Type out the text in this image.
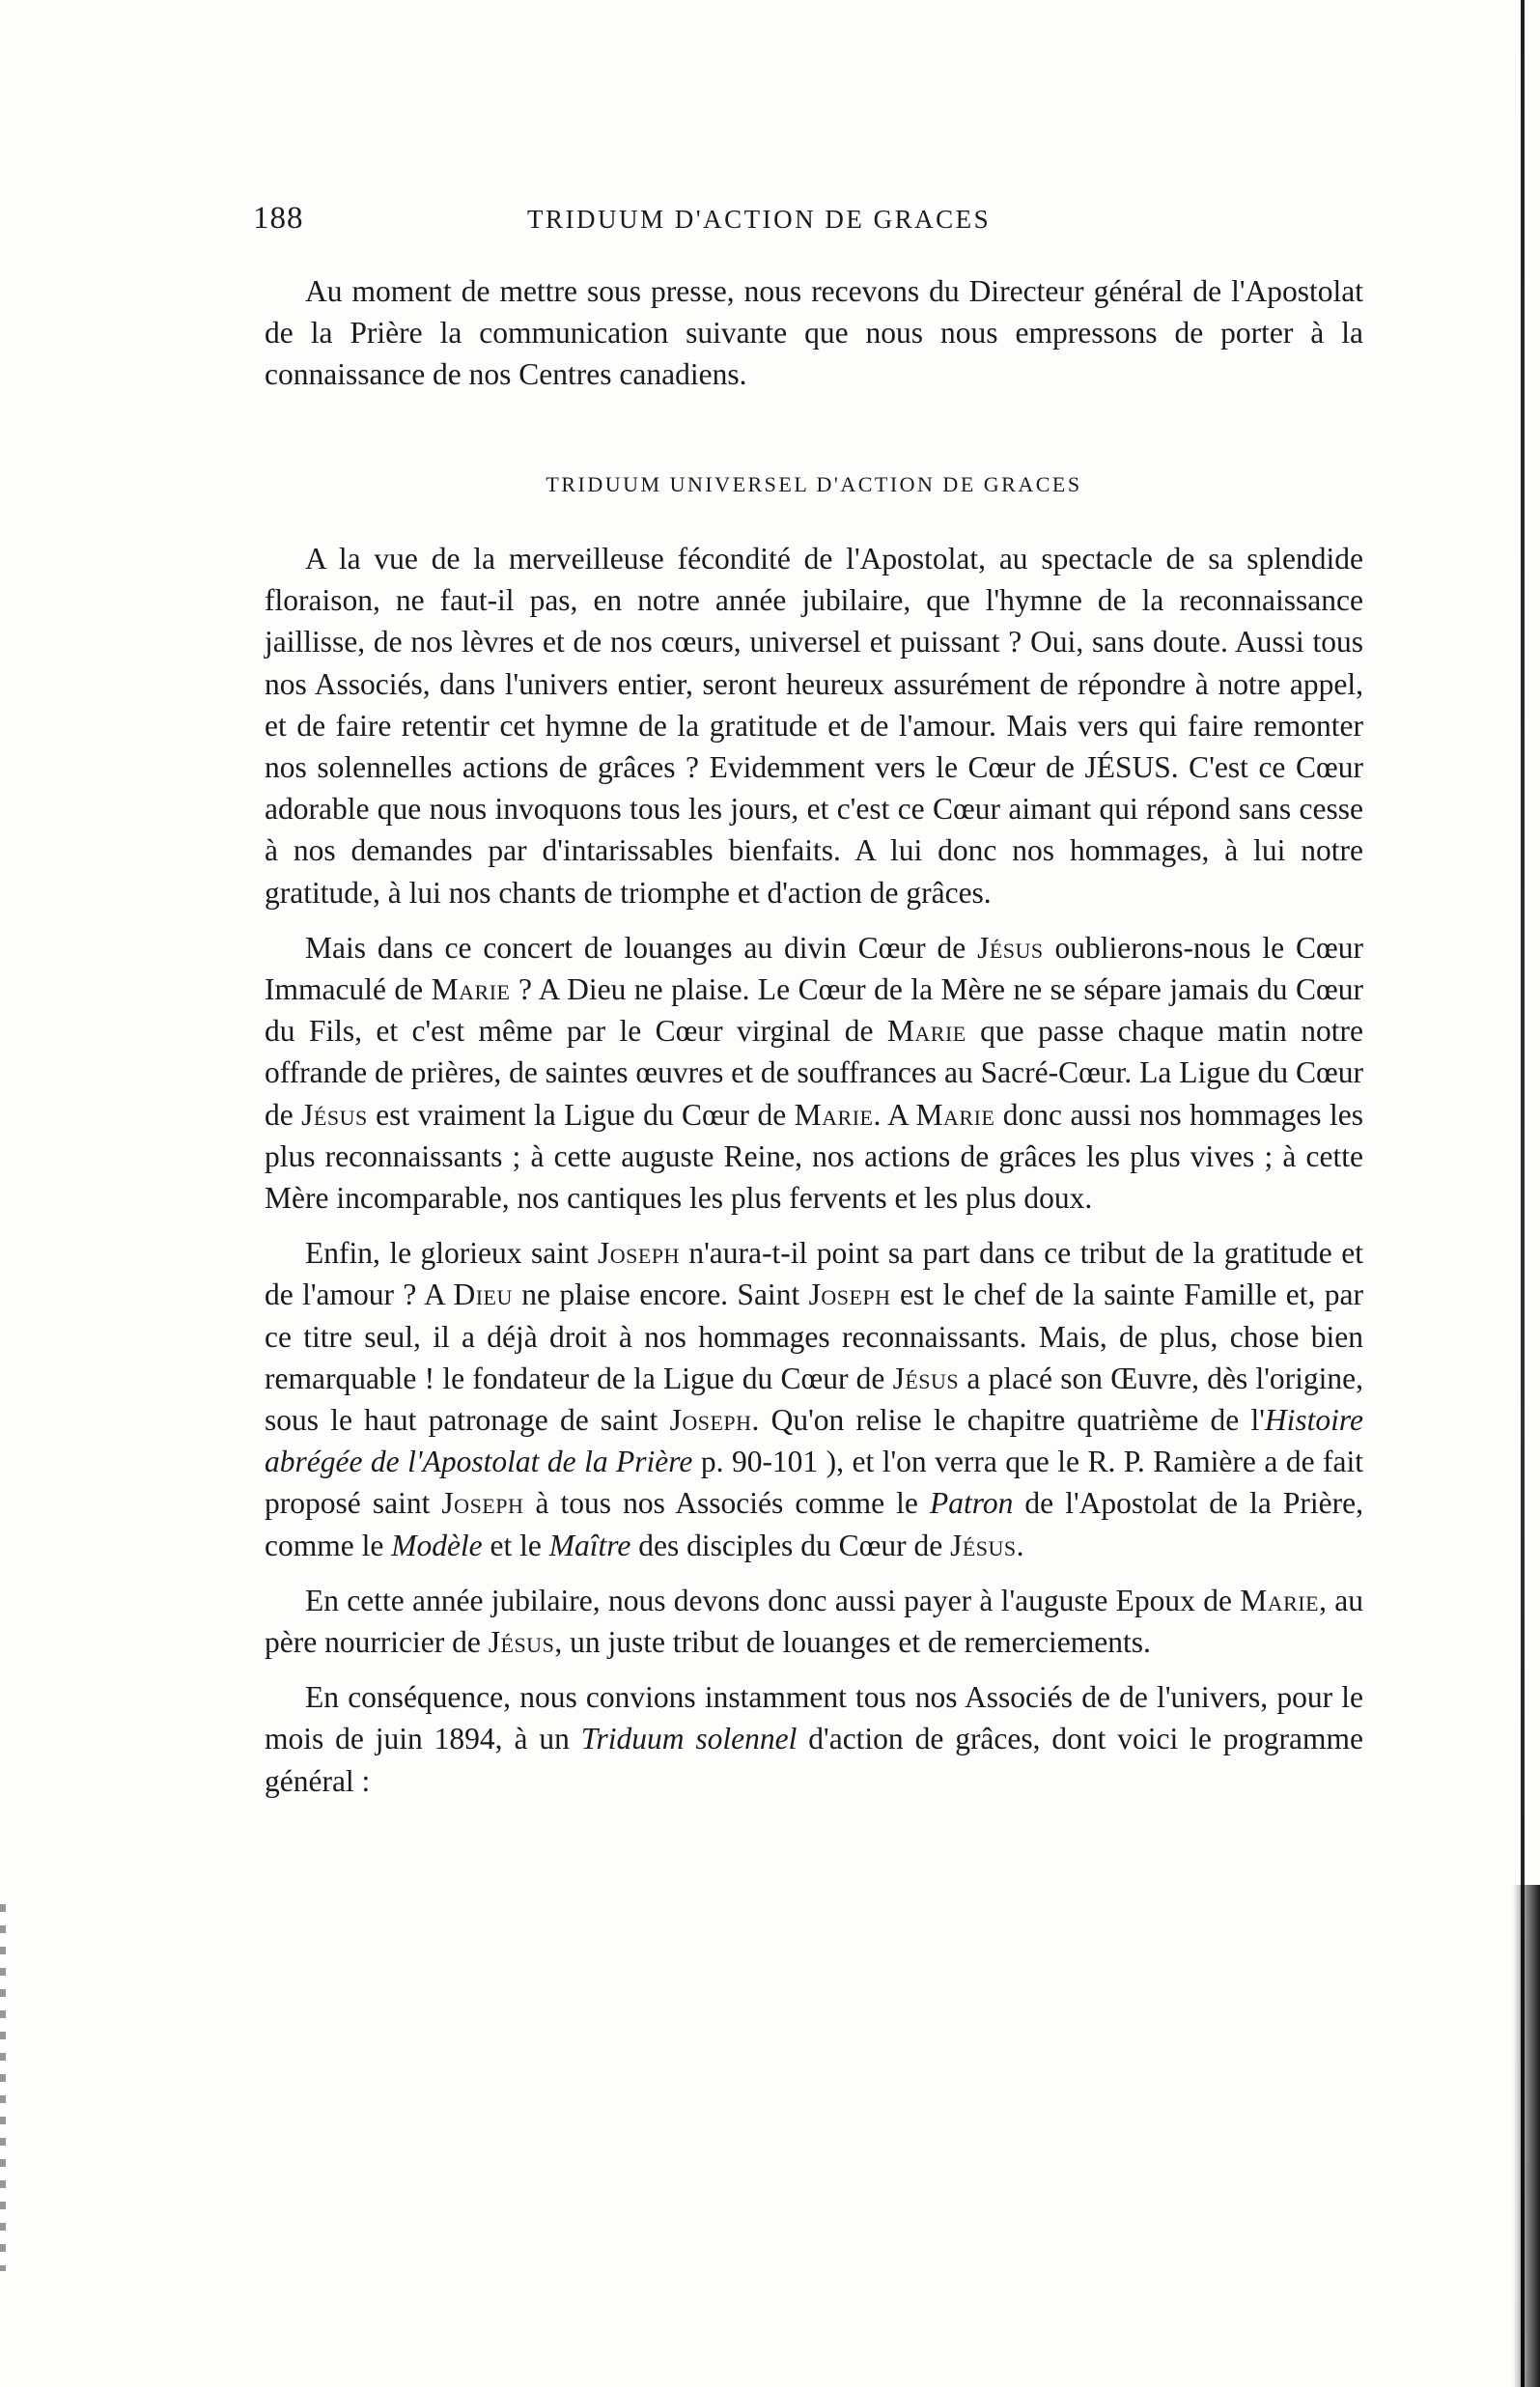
188	TRIDUUM D'ACTION DE GRACES

Au moment de mettre sous presse, nous recevons du Directeur général de l'Apostolat de la Prière la communication suivante que nous nous empressons de porter à la connaissance de nos Centres canadiens.

TRIDUUM UNIVERSEL D'ACTION DE GRACES

A la vue de la merveilleuse fécondité de l'Apostolat, au spectacle de sa splendide floraison, ne faut-il pas, en notre année jubilaire, que l'hymne de la reconnaissance jaillisse, de nos lèvres et de nos cœurs, universel et puissant ? Oui, sans doute. Aussi tous nos Associés, dans l'univers entier, seront heureux assurément de répondre à notre appel, et de faire retentir cet hymne de la gratitude et de l'amour. Mais vers qui faire remonter nos solennelles actions de grâces ? Evidemment vers le Cœur de JÉSUS. C'est ce Cœur adorable que nous invoquons tous les jours, et c'est ce Cœur aimant qui répond sans cesse à nos demandes par d'intarissables bienfaits. A lui donc nos hommages, à lui notre gratitude, à lui nos chants de triomphe et d'action de grâces.

Mais dans ce concert de louanges au divin Cœur de Jésus oublierons-nous le Cœur Immaculé de Marie ? A Dieu ne plaise. Le Cœur de la Mère ne se sépare jamais du Cœur du Fils, et c'est même par le Cœur virginal de Marie que passe chaque matin notre offrande de prières, de saintes œuvres et de souffrances au Sacré-Cœur. La Ligue du Cœur de Jésus est vraiment la Ligue du Cœur de Marie. A Marie donc aussi nos hommages les plus reconnaissants ; à cette auguste Reine, nos actions de grâces les plus vives ; à cette Mère incomparable, nos cantiques les plus fervents et les plus doux.

Enfin, le glorieux saint Joseph n'aura-t-il point sa part dans ce tribut de la gratitude et de l'amour ? A Dieu ne plaise encore. Saint Joseph est le chef de la sainte Famille et, par ce titre seul, il a déjà droit à nos hommages reconnaissants. Mais, de plus, chose bien remarquable ! le fondateur de la Ligue du Cœur de Jésus a placé son Œuvre, dès l'origine, sous le haut patronage de saint Joseph. Qu'on relise le chapitre quatrième de l'Histoire abrégée de l'Apostolat de la Prière p. 90-101 ), et l'on verra que le R. P. Ramière a de fait proposé saint Joseph à tous nos Associés comme le Patron de l'Apostolat de la Prière, comme le Modèle et le Maître des disciples du Cœur de Jésus.

En cette année jubilaire, nous devons donc aussi payer à l'auguste Epoux de Marie, au père nourricier de Jésus, un juste tribut de louanges et de remerciements.

En conséquence, nous convions instamment tous nos Associés de de l'univers, pour le mois de juin 1894, à un Triduum solennel d'action de grâces, dont voici le programme général :
